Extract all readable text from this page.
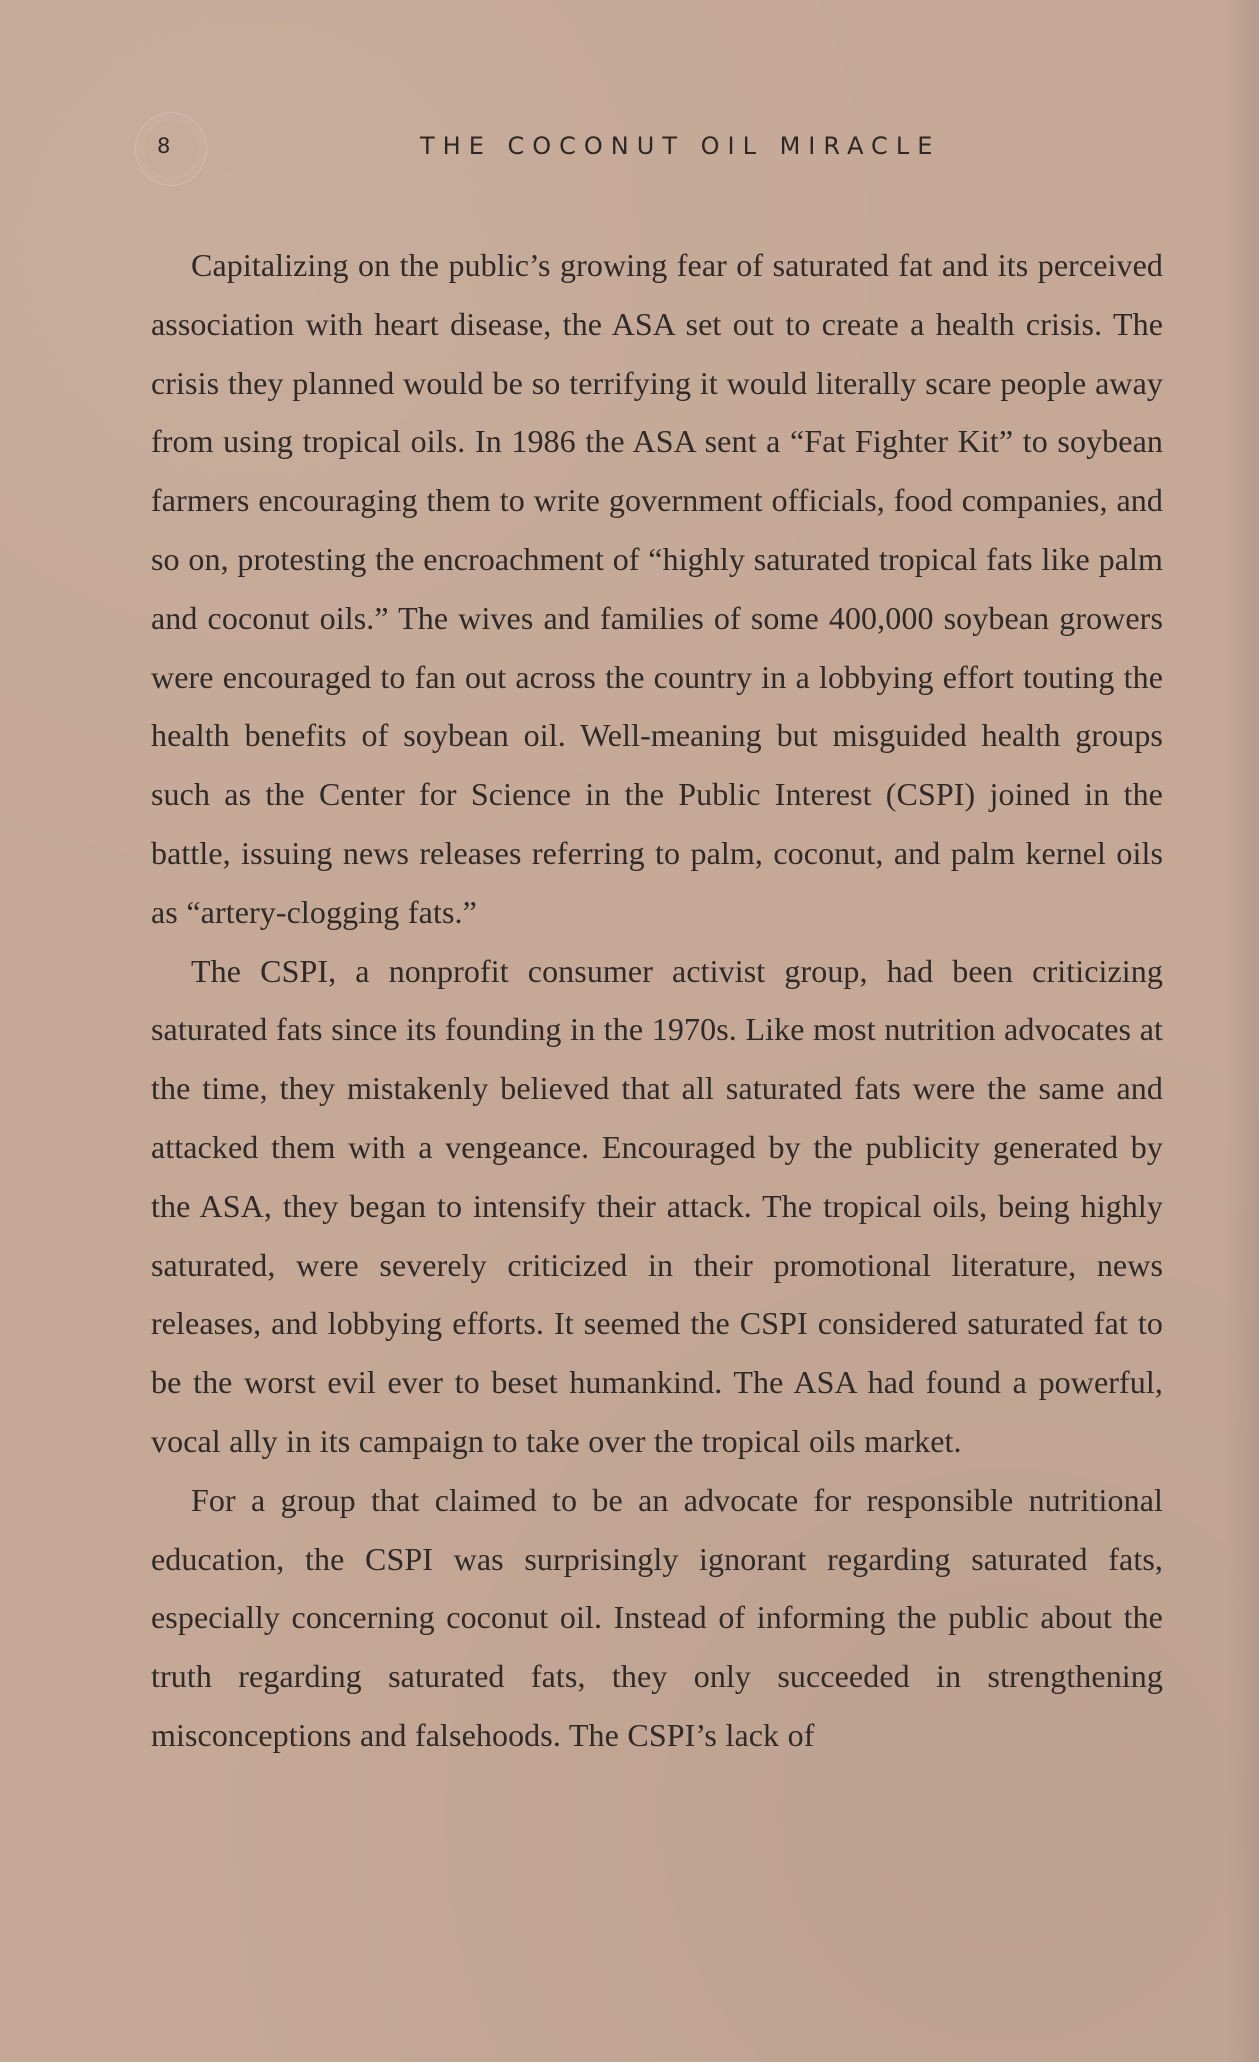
8	THE COCONUT OIL MIRACLE

Capitalizing on the public’s growing fear of saturated fat and its perceived association with heart disease, the ASA set out to create a health crisis. The crisis they planned would be so terrifying it would literally scare people away from using tropical oils. In 1986 the ASA sent a “Fat Fighter Kit” to soybean farmers encouraging them to write government officials, food companies, and so on, protesting the encroachment of “highly saturated tropical fats like palm and coconut oils.” The wives and families of some 400,000 soybean growers were encouraged to fan out across the country in a lobbying effort touting the health benefits of soybean oil. Well-meaning but misguided health groups such as the Center for Science in the Public Interest (CSPI) joined in the battle, issuing news releases referring to palm, coconut, and palm kernel oils as “artery-clogging fats.”

The CSPI, a nonprofit consumer activist group, had been criticizing saturated fats since its founding in the 1970s. Like most nutrition advocates at the time, they mistakenly believed that all saturated fats were the same and attacked them with a vengeance. Encouraged by the publicity generated by the ASA, they began to intensify their attack. The tropical oils, being highly saturated, were severely criticized in their promotional literature, news releases, and lobbying efforts. It seemed the CSPI considered saturated fat to be the worst evil ever to beset humankind. The ASA had found a powerful, vocal ally in its campaign to take over the tropical oils market.

For a group that claimed to be an advocate for responsible nutritional education, the CSPI was surprisingly ignorant regarding saturated fats, especially concerning coconut oil. Instead of informing the public about the truth regarding saturated fats, they only succeeded in strengthening misconceptions and falsehoods. The CSPI’s lack of
